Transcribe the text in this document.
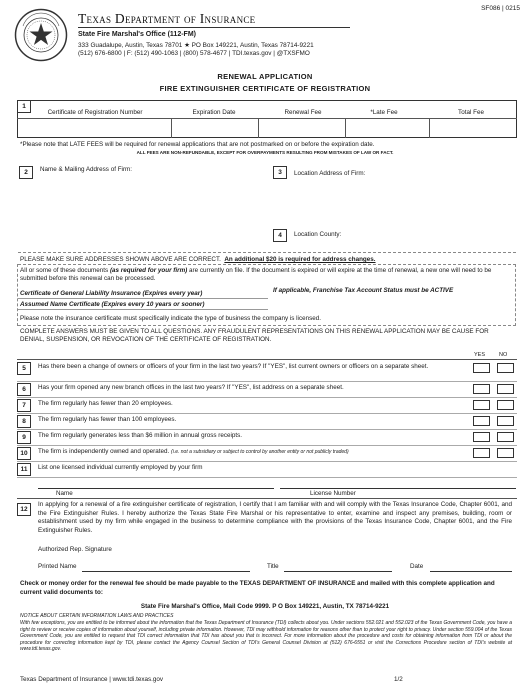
SF086 | 0215
Texas Department of Insurance
State Fire Marshal's Office (112-FM)
333 Guadalupe, Austin, Texas 78701 ★ PO Box 149221, Austin, Texas 78714-9221
(512) 676-6800 | F: (512) 490-1063 | (800) 578-4677 | TDI.texas.gov | @TXSFMO
RENEWAL APPLICATION
FIRE EXTINGUISHER CERTIFICATE OF REGISTRATION
1
Certificate of Registration Number	Expiration Date	Renewal Fee	*Late Fee	Total Fee
*Please note that LATE FEES will be required for renewal applications that are not postmarked on or before the expiration date.
ALL FEES ARE NON-REFUNDABLE, EXCEPT FOR OVERPAYMENTS RESULTING FROM MISTAKES OF LAW OR FACT.
2	Name & Mailing Address of Firm:	3	Location Address of Firm:
4	Location County:
PLEASE MAKE SURE ADDRESSES SHOWN ABOVE ARE CORRECT. An additional $20 is required for address changes.
All or some of these documents (as required for your firm) are currently on file. If the document is expired or will expire at the time of renewal, a new one will need to be submitted before this renewal can be processed.
Certificate of General Liability Insurance (Expires every year)	If applicable, Franchise Tax Account Status must be ACTIVE
Assumed Name Certificate (Expires every 10 years or sooner)
Please note the insurance certificate must specifically indicate the type of business the company is licensed.
COMPLETE ANSWERS MUST BE GIVEN TO ALL QUESTIONS. ANY FRAUDULENT REPRESENTATIONS ON THIS RENEWAL APPLICATION MAY BE CAUSE FOR DENIAL, SUSPENSION, OR REVOCATION OF THE CERTIFICATE OF REGISTRATION.
YES	NO
5	Has there been a change of owners or officers of your firm in the last two years? If "YES", list current owners or officers on a separate sheet.
6	Has your firm opened any new branch offices in the last two years? If "YES", list address on a separate sheet.
7	The firm regularly has fewer than 20 employees.
8	The firm regularly has fewer than 100 employees.
9	The firm regularly generates less than $6 million in annual gross receipts.
10	The firm is independently owned and operated. (i.e. not a subsidiary or subject to control by another entity or not publicly traded)
11	List one licensed individual currently employed by your firm
Name	License Number
12
In applying for a renewal of a fire extinguisher certificate of registration, I certify that I am familiar with and will comply with the Texas Insurance Code, Chapter 6001, and the Fire Extinguisher Rules. I hereby authorize the Texas State Fire Marshal or his representative to enter, examine and inspect any premises, building, room or establishment used by my firm while engaged in the business to determine compliance with the provisions of the Texas Insurance Code, Chapter 6001, and the Fire Extinguisher Rules.
Authorized Rep. Signature
Printed Name	Title	Date
Check or money order for the renewal fee should be made payable to the TEXAS DEPARTMENT OF INSURANCE and mailed with this complete application and current valid documents to:
State Fire Marshal's Office, Mail Code 9999. P O Box 149221, Austin, TX 78714-9221
NOTICE ABOUT CERTAIN INFORMATION LAWS AND PRACTICES
With few exceptions, you are entitled to be informed about the information that the Texas Department of Insurance (TDI) collects about you. Under sections 552.021 and 552.023 of the Texas Government Code, you have a right to review or receive copies of information about yourself, including private information. However, TDI may withhold information for reasons other than to protect your right to privacy. Under section 559.004 of the Texas Government Code, you are entitled to request that TDI correct information that TDI has about you that is incorrect. For more information about the procedure and costs for obtaining information from TDI or about the procedure for correcting information kept by TDI, please contact the Agency Counsel Section of TDI's General Counsel Division at (512) 676-6551 or visit the Corrections Procedure section of TDI's website at www.tdi.texas.gov.
Texas Department of Insurance | www.tdi.texas.gov	1/2
